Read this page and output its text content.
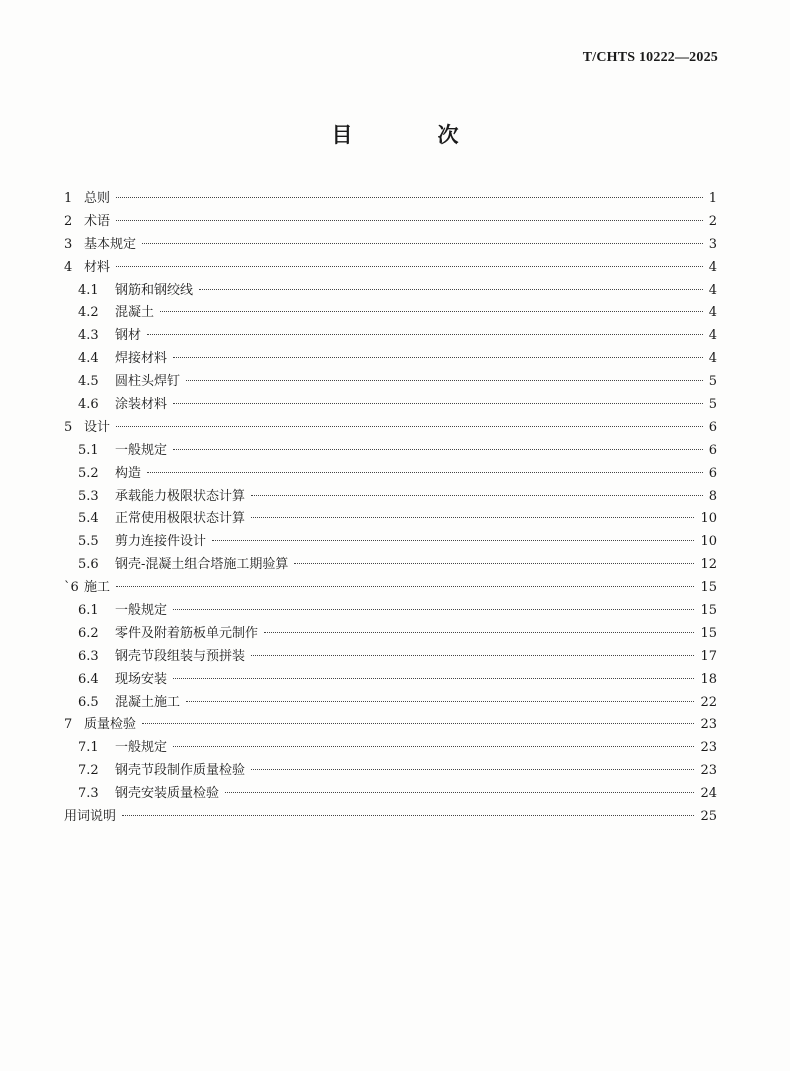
T/CHTS 10222—2025
目　次
1 总则	1
2 术语	2
3 基本规定	3
4 材料	4
4.1	钢筋和钢绞线	4
4.2	混凝土	4
4.3	钢材	4
4.4	焊接材料	4
4.5	圆柱头焊钉	5
4.6	涂装材料	5
5 设计	6
5.1	一般规定	6
5.2	构造	6
5.3	承载能力极限状态计算	8
5.4	正常使用极限状态计算	10
5.5	剪力连接件设计	10
5.6	钢壳-混凝土组合塔施工期验算	12
`6 施工	15
6.1	一般规定	15
6.2	零件及附着筋板单元制作	15
6.3	钢壳节段组装与预拼装	17
6.4	现场安装	18
6.5	混凝土施工	22
7 质量检验	23
7.1	一般规定	23
7.2	钢壳节段制作质量检验	23
7.3	钢壳安装质量检验	24
用词说明	25
